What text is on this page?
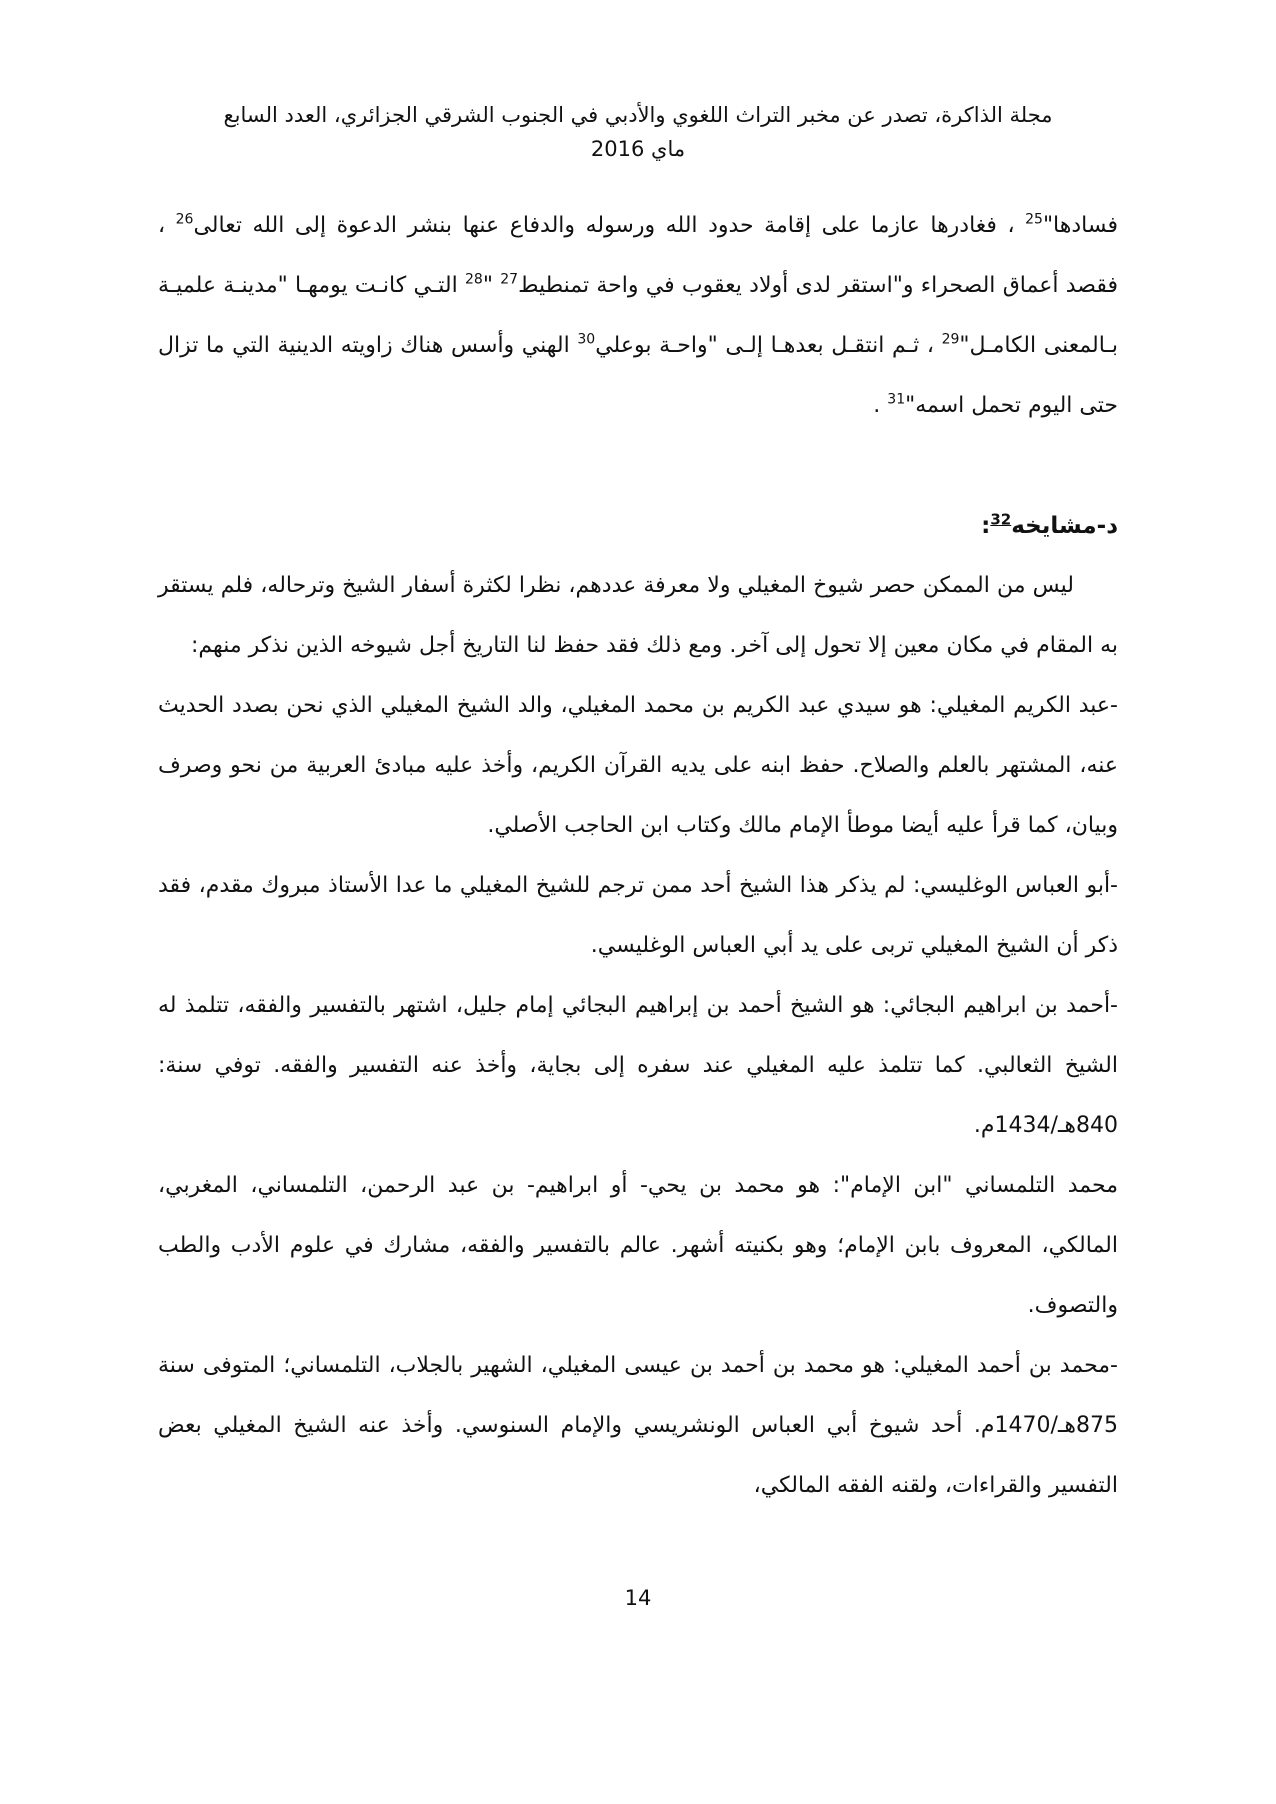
مجلة الذاكرة، تصدر عن مخبر التراث اللغوي والأدبي في الجنوب الشرقي الجزائري، العدد السابع
ماي 2016

فسادها"$^{25}$ ، فغادرها عازما على إقامة حدود الله ورسوله والدفاع عنها بنشر الدعوة إلى الله تعالى$^{26}$ ، فقصد أعماق الصحراء و"استقر لدى أولاد يعقوب في واحة تمنطيط$^{27}$ "$^{28}$ التـي كانـت يومهـا "مدينـة علميـة بـالمعنى الكامـل"$^{29}$ ، ثـم انتقـل بعدهـا إلـى "واحـة بوعلي$^{30}$ الهني وأسس هناك زاويته الدينية التي ما تزال حتى اليوم تحمل اسمه"$^{31}$ .

د-مشايخه$^{32}$:

ليس من الممكن حصر شيوخ المغيلي ولا معرفة عددهم، نظرا لكثرة أسفار الشيخ وترحاله، فلم يستقر به المقام في مكان معين إلا تحول إلى آخر. ومع ذلك فقد حفظ لنا التاريخ أجل شيوخه الذين نذكر منهم:

-عبد الكريم المغيلي: هو سيدي عبد الكريم بن محمد المغيلي، والد الشيخ المغيلي الذي نحن بصدد الحديث عنه، المشتهر بالعلم والصلاح. حفظ ابنه على يديه القرآن الكريم، وأخذ عليه مبادئ العربية من نحو وصرف وبيان، كما قرأ عليه أيضا موطأ الإمام مالك وكتاب ابن الحاجب الأصلي.

-أبو العباس الوغليسي: لم يذكر هذا الشيخ أحد ممن ترجم للشيخ المغيلي ما عدا الأستاذ مبروك مقدم، فقد ذكر أن الشيخ المغيلي تربى على يد أبي العباس الوغليسي.

-أحمد بن ابراهيم البجائي: هو الشيخ أحمد بن إبراهيم البجائي إمام جليل، اشتهر بالتفسير والفقه، تتلمذ له الشيخ الثعالبي. كما تتلمذ عليه المغيلي عند سفره إلى بجاية، وأخذ عنه التفسير والفقه. توفي سنة: 840هـ/1434م.

محمد التلمساني "ابن الإمام": هو محمد بن يحي- أو ابراهيم- بن عبد الرحمن، التلمساني، المغربي، المالكي، المعروف بابن الإمام؛ وهو بكنيته أشهر. عالم بالتفسير والفقه، مشارك في علوم الأدب والطب والتصوف.

-محمد بن أحمد المغيلي: هو محمد بن أحمد بن عيسى المغيلي، الشهير بالجلاب، التلمساني؛ المتوفى سنة 875هـ/1470م. أحد شيوخ أبي العباس الونشريسي والإمام السنوسي. وأخذ عنه الشيخ المغيلي بعض التفسير والقراءات، ولقنه الفقه المالكي،

14
